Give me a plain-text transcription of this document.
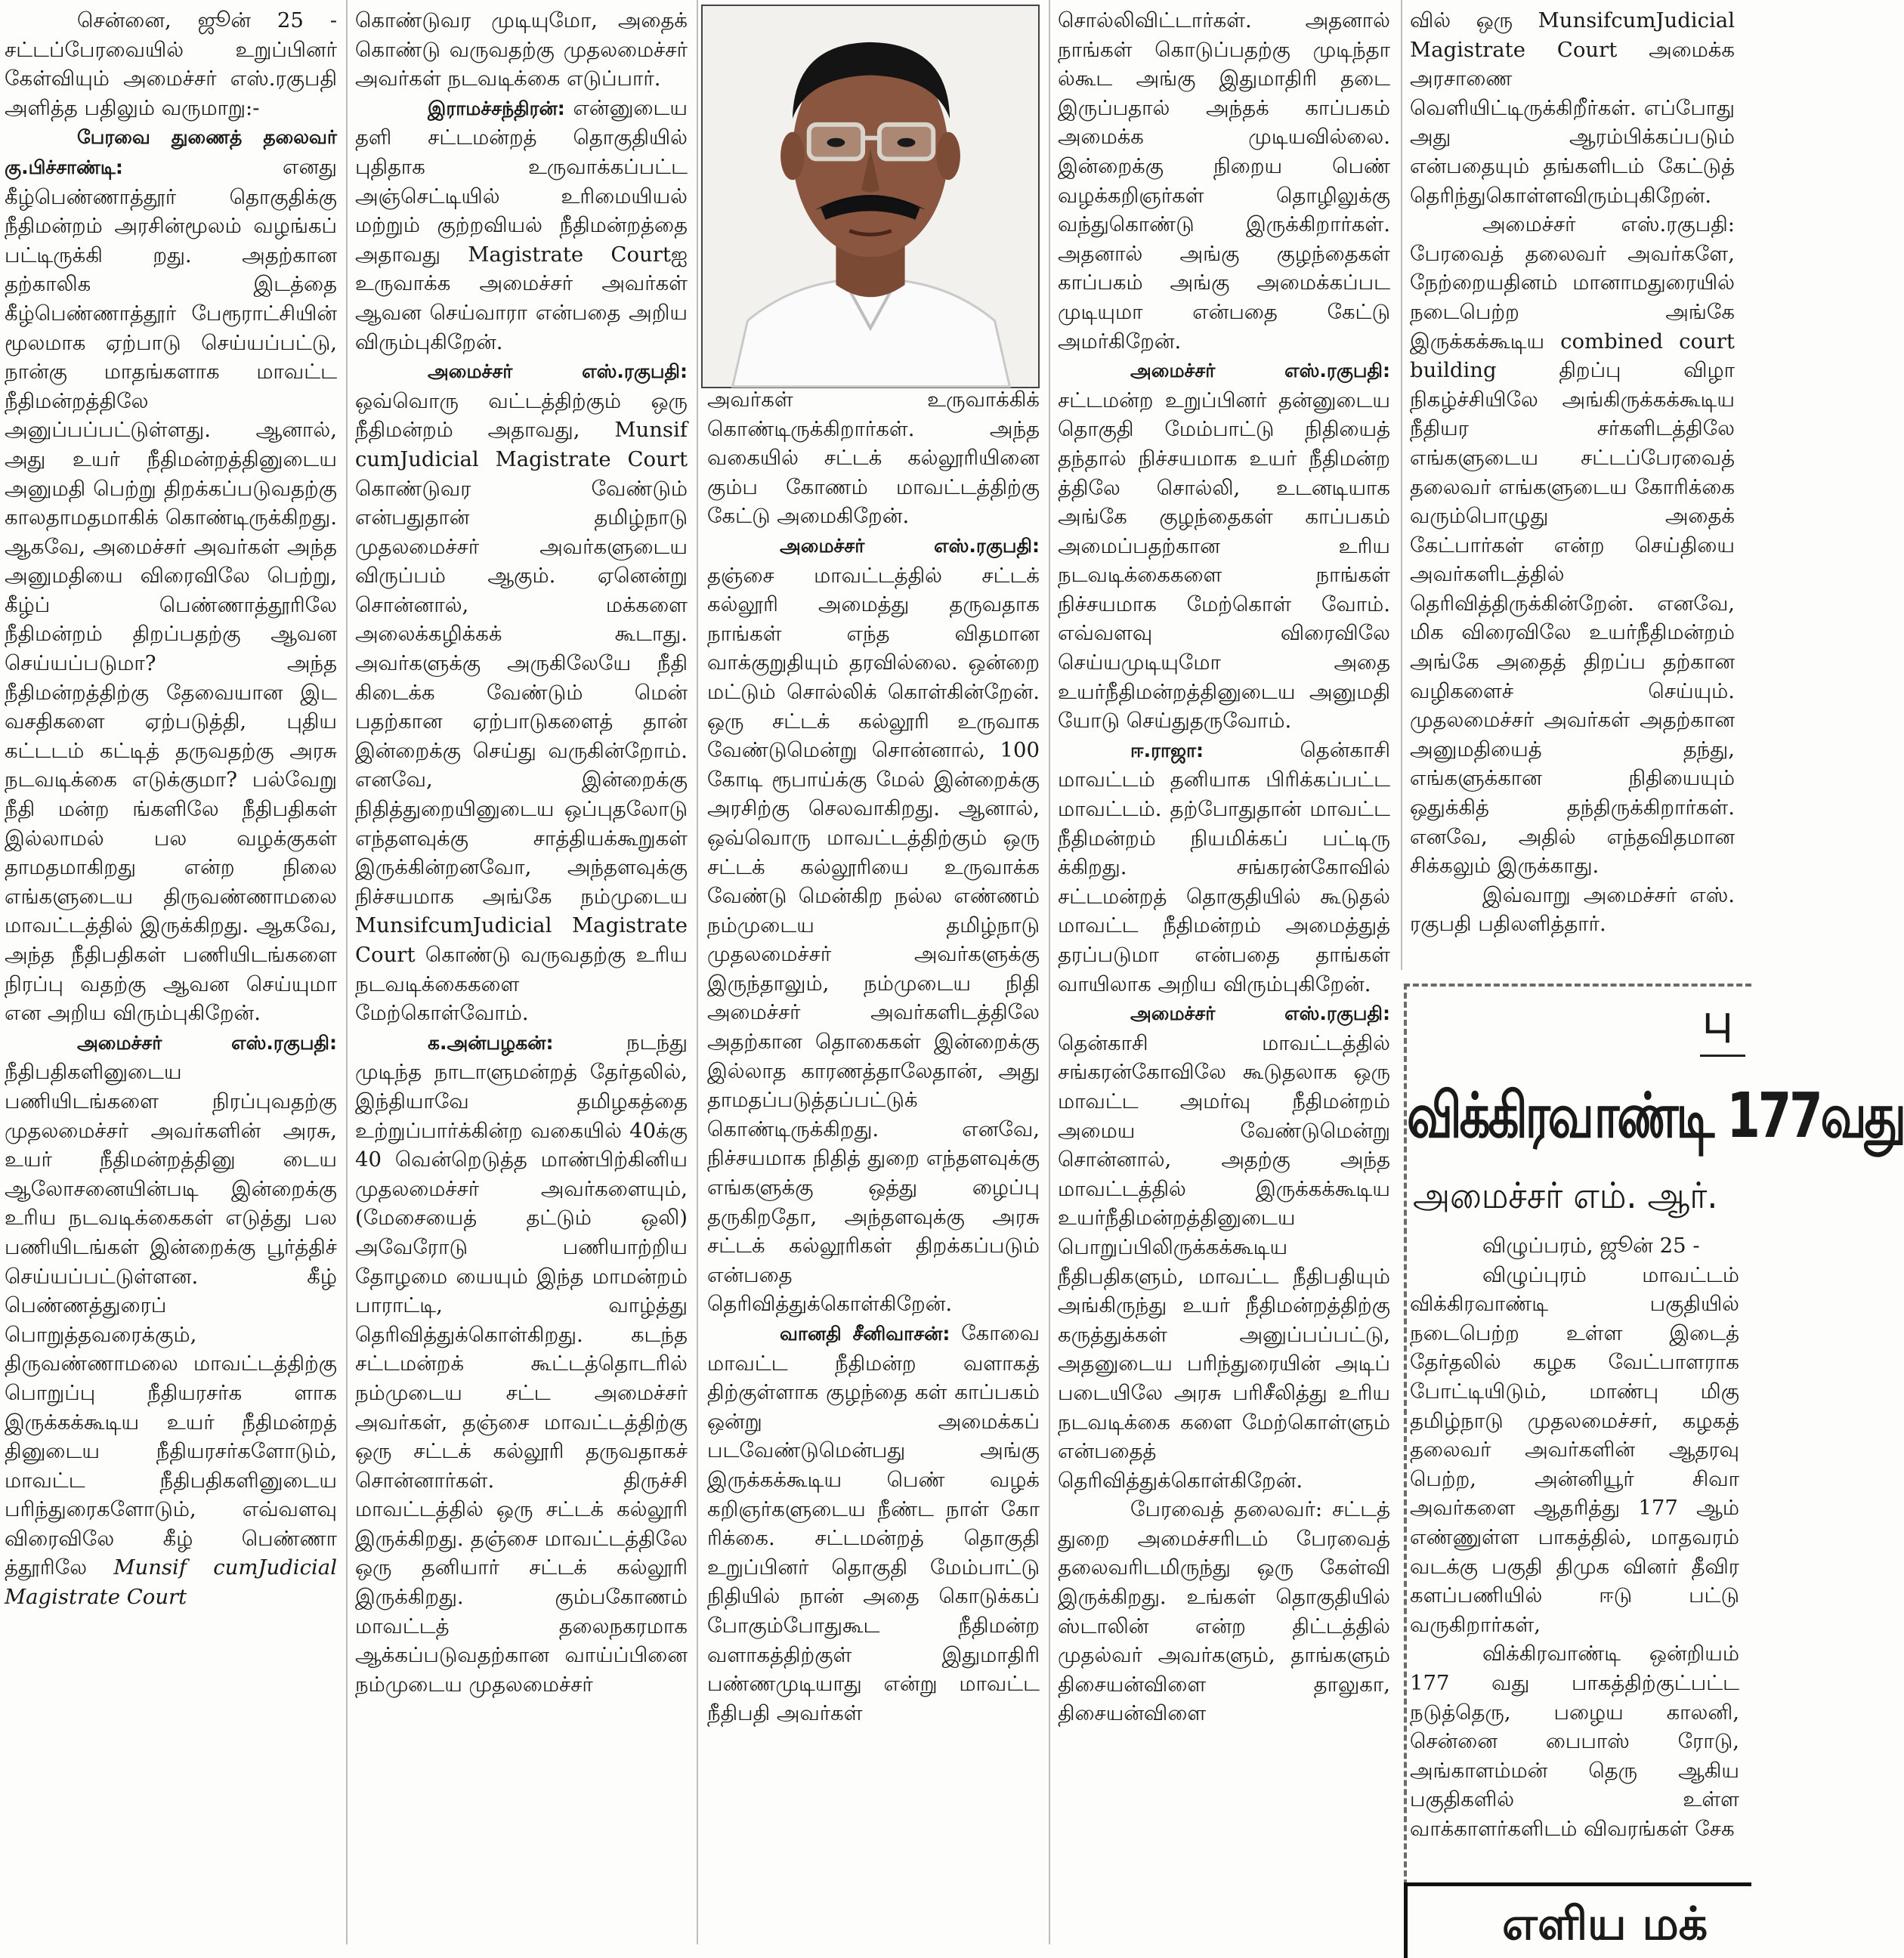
சென்னை, ஜூன் 25 - சட்டப்பேரவையில் உறுப்பினர் கேள்வியும் அமைச்சர் எஸ்.ரகுபதி அளித்த பதிலும் வருமாறு:-

பேரவை துணைத் தலைவர் கு.பிச்சாண்டி: எனது கீழ்பெண்ணாத்தூர் தொகுதிக்கு நீதிமன்றம் அரசின்மூலம் வழங்கப் பட்டிருக்கி றது. அதற்கான தற்காலிக இடத்தை கீழ்பெண்ணாத்தூர் பேரூராட்சியின் மூலமாக ஏற்பாடு செய்யப்பட்டு, நான்கு மாதங்களாக மாவட்ட நீதிமன்றத்திலே அனுப்பப்பட்டுள்ளது. ஆனால், அது உயர் நீதிமன்றத்தினுடைய அனுமதி பெற்று திறக்கப்படுவதற்கு காலதாமதமாகிக் கொண்டிருக்கிறது. ஆகவே, அமைச்சர் அவர்கள் அந்த அனுமதியை விரைவிலே பெற்று, கீழ்ப் பெண்ணாத்தூரிலே நீதிமன்றம் திறப்பதற்கு ஆவன செய்யப்படுமா? அந்த நீதிமன்றத்திற்கு தேவையான இட வசதிகளை ஏற்படுத்தி, புதிய கட்டடம் கட்டித் தருவதற்கு அரசு நடவடிக்கை எடுக்குமா? பல்வேறு நீதி மன்ற ங்களிலே நீதிபதிகள் இல்லாமல் பல வழக்குகள் தாமதமாகிறது என்ற நிலை எங்களுடைய திருவண்ணாமலை மாவட்டத்தில் இருக்கிறது. ஆகவே, அந்த நீதிபதிகள் பணியிடங்களை நிரப்பு வதற்கு ஆவன செய்யுமா என அறிய விரும்புகிறேன்.

அமைச்சர் எஸ்.ரகுபதி: நீதிபதிகளினுடைய பணியிடங்களை நிரப்புவதற்கு முதலமைச்சர் அவர்களின் அரசு, உயர் நீதிமன்றத்தினு டைய ஆலோசனையின்படி இன்றைக்கு உரிய நடவடிக்கைகள் எடுத்து பல பணியிடங்கள் இன்றைக்கு பூர்த்திச் செய்யப்பட்டுள்ளன. கீழ் பெண்ணத்துரைப் பொறுத்தவரைக்கும், திருவண்ணாமலை மாவட்டத்திற்கு பொறுப்பு நீதியரசர்க ளாக இருக்கக்கூடிய உயர் நீதிமன்றத் தினுடைய நீதியரசர்களோடும், மாவட்ட நீதிபதிகளினுடைய பரிந்துரைகளோடும், எவ்வளவு விரைவிலே கீழ் பெண்ணா த்தூரிலே Munsif cumJudicial Magistrate Court

கொண்டுவர முடியுமோ, அதைக் கொண்டு வருவதற்கு முதலமைச்சர் அவர்கள் நடவடிக்கை எடுப்பார்.

இராமச்சந்திரன்: என்னுடைய தளி சட்டமன்றத் தொகுதியில் புதிதாக உருவாக்கப்பட்ட அஞ்செட்டியில் உரிமையியல் மற்றும் குற்றவியல் நீதிமன்றத்தை அதாவது Magistrate Courtஐ உருவாக்க அமைச்சர் அவர்கள் ஆவன செய்வாரா என்பதை அறிய விரும்புகிறேன்.

அமைச்சர் எஸ்.ரகுபதி: ஒவ்வொரு வட்டத்திற்கும் ஒரு நீதிமன்றம் அதாவது, Munsif cumJudicial Magistrate Court கொண்டுவர வேண்டும் என்பதுதான் தமிழ்நாடு முதலமைச்சர் அவர்களுடைய விருப்பம் ஆகும். ஏனென்று சொன்னால், மக்களை அலைக்கழிக்கக் கூடாது. அவர்களுக்கு அருகிலேயே நீதி கிடைக்க வேண்டும் மென் பதற்கான ஏற்பாடுகளைத் தான் இன்றைக்கு செய்து வருகின்றோம். எனவே, இன்றைக்கு நிதித்துறையினுடைய ஒப்புதலோடு எந்தளவுக்கு சாத்தியக்கூறுகள் இருக்கின்றனவோ, அந்தளவுக்கு நிச்சயமாக அங்கே நம்முடைய MunsifcumJudicial Magistrate Court கொண்டு வருவதற்கு உரிய நடவடிக்கைகளை மேற்கொள்வோம்.

க.அன்பழகன்: நடந்து முடிந்த நாடாளுமன்றத் தேர்தலில், இந்தியாவே தமிழகத்தை உற்றுப்பார்க்கின்ற வகையில் 40க்கு 40 வென்றெடுத்த மாண்பிற்கினிய முதலமைச்சர் அவர்களையும், (மேசையைத் தட்டும் ஒலி) அவேரோடு பணியாற்றிய தோழமை யையும் இந்த மாமன்றம் பாராட்டி, வாழ்த்து தெரிவித்துக்கொள்கிறது. கடந்த சட்டமன்றக் கூட்டத்தொடரில் நம்முடைய சட்ட அமைச்சர் அவர்கள், தஞ்சை மாவட்டத்திற்கு ஒரு சட்டக் கல்லூரி தருவதாகச் சொன்னார்கள். திருச்சி மாவட்டத்தில் ஒரு சட்டக் கல்லூரி இருக்கிறது. தஞ்சை மாவட்டத்திலே ஒரு தனியார் சட்டக் கல்லூரி இருக்கிறது. கும்பகோணம் மாவட்டத் தலைநகரமாக ஆக்கப்படுவதற்கான வாய்ப்பினை நம்முடைய முதலமைச்சர்

அவர்கள் உருவாக்கிக் கொண்டிருக்கிறார்கள். அந்த வகையில் சட்டக் கல்லூரியினை கும்ப கோணம் மாவட்டத்திற்கு கேட்டு அமைகிறேன்.

அமைச்சர் எஸ்.ரகுபதி: தஞ்சை மாவட்டத்தில் சட்டக் கல்லூரி அமைத்து தருவதாக நாங்கள் எந்த விதமான வாக்குறுதியும் தரவில்லை. ஒன்றை மட்டும் சொல்லிக் கொள்கின்றேன். ஒரு சட்டக் கல்லூரி உருவாக வேண்டுமென்று சொன்னால், 100 கோடி ரூபாய்க்கு மேல் இன்றைக்கு அரசிற்கு செலவாகிறது. ஆனால், ஒவ்வொரு மாவட்டத்திற்கும் ஒரு சட்டக் கல்லூரியை உருவாக்க வேண்டு மென்கிற நல்ல எண்ணம் நம்முடைய தமிழ்நாடு முதலமைச்சர் அவர்களுக்கு இருந்தாலும், நம்முடைய நிதி அமைச்சர் அவர்களிடத்திலே அதற்கான தொகைகள் இன்றைக்கு இல்லாத காரணத்தாலேதான், அது தாமதப்படுத்தப்பட்டுக் கொண்டிருக்கிறது. எனவே, நிச்சயமாக நிதித் துறை எந்தளவுக்கு எங்களுக்கு ஒத்து ழைப்பு தருகிறதோ, அந்தளவுக்கு அரசு சட்டக் கல்லூரிகள் திறக்கப்படும் என்பதை தெரிவித்துக்கொள்கிறேன்.

வானதி சீனிவாசன்: கோவை மாவட்ட நீதிமன்ற வளாகத் திற்குள்ளாக குழந்தை கள் காப்பகம் ஒன்று அமைக்கப் படவேண்டுமென்பது அங்கு இருக்கக்கூடிய பெண் வழக் கறிஞர்களுடைய நீண்ட நாள் கோ ரிக்கை. சட்டமன்றத் தொகுதி உறுப்பினர் தொகுதி மேம்பாட்டு நிதியில் நான் அதை கொடுக்கப் போகும்போதுகூட நீதிமன்ற வளாகத்திற்குள் இதுமாதிரி பண்ணமுடியாது என்று மாவட்ட நீதிபதி அவர்கள்

சொல்லிவிட்டார்கள். அதனால் நாங்கள் கொடுப்பதற்கு முடிந்தா ல்கூட அங்கு இதுமாதிரி தடை இருப்பதால் அந்தக் காப்பகம் அமைக்க முடியவில்லை. இன்றைக்கு நிறைய பெண் வழக்கறிஞர்கள் தொழிலுக்கு வந்துகொண்டு இருக்கிறார்கள். அதனால் அங்கு குழந்தைகள் காப்பகம் அங்கு அமைக்கப்பட முடியுமா என்பதை கேட்டு அமர்கிறேன்.

அமைச்சர் எஸ்.ரகுபதி: சட்டமன்ற உறுப்பினர் தன்னுடைய தொகுதி மேம்பாட்டு நிதியைத் தந்தால் நிச்சயமாக உயர் நீதிமன்ற த்திலே சொல்லி, உடனடியாக அங்கே குழந்தைகள் காப்பகம் அமைப்பதற்கான உரிய நடவடிக்கைகளை நாங்கள் நிச்சயமாக மேற்கொள் வோம். எவ்வளவு விரைவிலே செய்யமுடியுமோ அதை உயர்நீதிமன்றத்தினுடைய அனுமதி யோடு செய்துதருவோம்.

ஈ.ராஜா: தென்காசி மாவட்டம் தனியாக பிரிக்கப்பட்ட மாவட்டம். தற்போதுதான் மாவட்ட நீதிமன்றம் நியமிக்கப் பட்டிரு க்கிறது. சங்கரன்கோவில் சட்டமன்றத் தொகுதியில் கூடுதல் மாவட்ட நீதிமன்றம் அமைத்துத் தரப்படுமா என்பதை தாங்கள் வாயிலாக அறிய விரும்புகிறேன்.

அமைச்சர் எஸ்.ரகுபதி: தென்காசி மாவட்டத்தில் சங்கரன்கோவிலே கூடுதலாக ஒரு மாவட்ட அமர்வு நீதிமன்றம் அமைய வேண்டுமென்று சொன்னால், அதற்கு அந்த மாவட்டத்தில் இருக்கக்கூடிய உயர்நீதிமன்றத்தினுடைய பொறுப்பிலிருக்கக்கூடிய நீதிபதிகளும், மாவட்ட நீதிபதியும் அங்கிருந்து உயர் நீதிமன்றத்திற்கு கருத்துக்கள் அனுப்பப்பட்டு, அதனுடைய பரிந்துரையின் அடிப் படையிலே அரசு பரிசீலித்து உரிய நடவடிக்கை களை மேற்கொள்ளும் என்பதைத் தெரிவித்துக்கொள்கிறேன்.

பேரவைத் தலைவர்: சட்டத் துறை அமைச்சரிடம் பேரவைத் தலைவரிடமிருந்து ஒரு கேள்வி இருக்கிறது. உங்கள் தொகுதியில் ஸ்டாலின் என்ற திட்டத்தில் முதல்வர் அவர்களும், தாங்களும் திசையன்விளை தாலுகா, திசையன்விளை

வில் ஒரு MunsifcumJudicial Magistrate Court அமைக்க அரசாணை வெளியிட்டிருக்கிறீர்கள். எப்போது அது ஆரம்பிக்கப்படும் என்பதையும் தங்களிடம் கேட்டுத் தெரிந்துகொள்ளவிரும்புகிறேன்.

அமைச்சர் எஸ்.ரகுபதி: பேரவைத் தலைவர் அவர்களே, நேற்றையதினம் மானாமதுரையில் நடைபெற்ற அங்கே இருக்கக்கூடிய combined court building திறப்பு விழா நிகழ்ச்சியிலே அங்கிருக்கக்கூடிய நீதியர சர்களிடத்திலே எங்களுடைய சட்டப்பேரவைத் தலைவர் எங்களுடைய கோரிக்கை வரும்பொழுது அதைக் கேட்பார்கள் என்ற செய்தியை அவர்களிடத்தில் தெரிவித்திருக்கின்றேன். எனவே, மிக விரைவிலே உயர்நீதிமன்றம் அங்கே அதைத் திறப்ப தற்கான வழிகளைச் செய்யும். முதலமைச்சர் அவர்கள் அதற்கான அனுமதியைத் தந்து, எங்களுக்கான நிதியையும் ஒதுக்கித் தந்திருக்கிறார்கள். எனவே, அதில் எந்தவிதமான சிக்கலும் இருக்காது.

இவ்வாறு அமைச்சர் எஸ். ரகுபதி பதிலளித்தார்.

பு
விக்கிரவாண்டி 177வது
அமைச்சர் எம். ஆர்.

விழுப்பரம், ஜூன் 25 -

விழுப்புரம் மாவட்டம் விக்கிரவாண்டி பகுதியில் நடைபெற்ற உள்ள இடைத் தேர்தலில் கழக வேட்பாளராக போட்டியிடும், மாண்பு மிகு தமிழ்நாடு முதலமைச்சர், கழகத் தலைவர் அவர்களின் ஆதரவு பெற்ற, அன்னியூர் சிவா அவர்களை ஆதரித்து 177 ஆம் எண்ணுள்ள பாகத்தில், மாதவரம் வடக்கு பகுதி திமுக வினர் தீவிர களப்பணியில் ஈடு பட்டு வருகிறார்கள்,

விக்கிரவாண்டி ஒன்றியம் 177 வது பாகத்திற்குட்பட்ட நடுத்தெரு, பழைய காலனி, சென்னை பைபாஸ் ரோடு, அங்காளம்மன் தெரு ஆகிய பகுதிகளில் உள்ள வாக்காளர்களிடம் விவரங்கள் சேக

எளிய மக்
